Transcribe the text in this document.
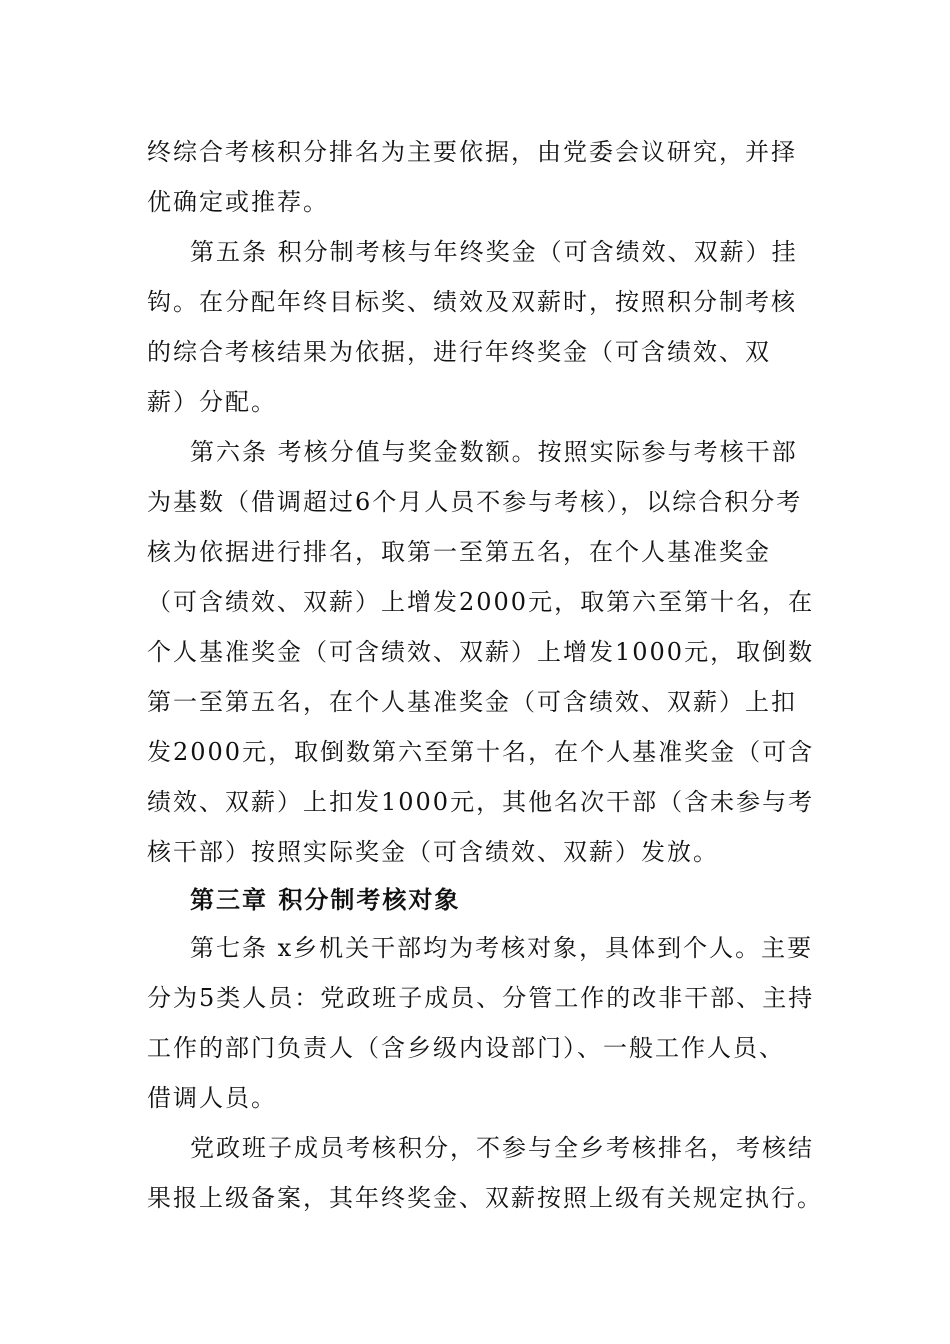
终综合考核积分排名为主要依据，由党委会议研究，并择
优确定或推荐。
第五条 积分制考核与年终奖金（可含绩效、双薪）挂
钩。在分配年终目标奖、绩效及双薪时，按照积分制考核
的综合考核结果为依据，进行年终奖金（可含绩效、双
薪）分配。
第六条 考核分值与奖金数额。按照实际参与考核干部
为基数（借调超过6个月人员不参与考核），以综合积分考
核为依据进行排名，取第一至第五名，在个人基准奖金
（可含绩效、双薪）上增发2000元，取第六至第十名，在
个人基准奖金（可含绩效、双薪）上增发1000元，取倒数
第一至第五名，在个人基准奖金（可含绩效、双薪）上扣
发2000元，取倒数第六至第十名，在个人基准奖金（可含
绩效、双薪）上扣发1000元，其他名次干部（含未参与考
核干部）按照实际奖金（可含绩效、双薪）发放。
第三章 积分制考核对象
第七条 x乡机关干部均为考核对象，具体到个人。主要
分为5类人员：党政班子成员、分管工作的改非干部、主持
工作的部门负责人（含乡级内设部门）、一般工作人员、
借调人员。
党政班子成员考核积分，不参与全乡考核排名，考核结
果报上级备案，其年终奖金、双薪按照上级有关规定执行。
